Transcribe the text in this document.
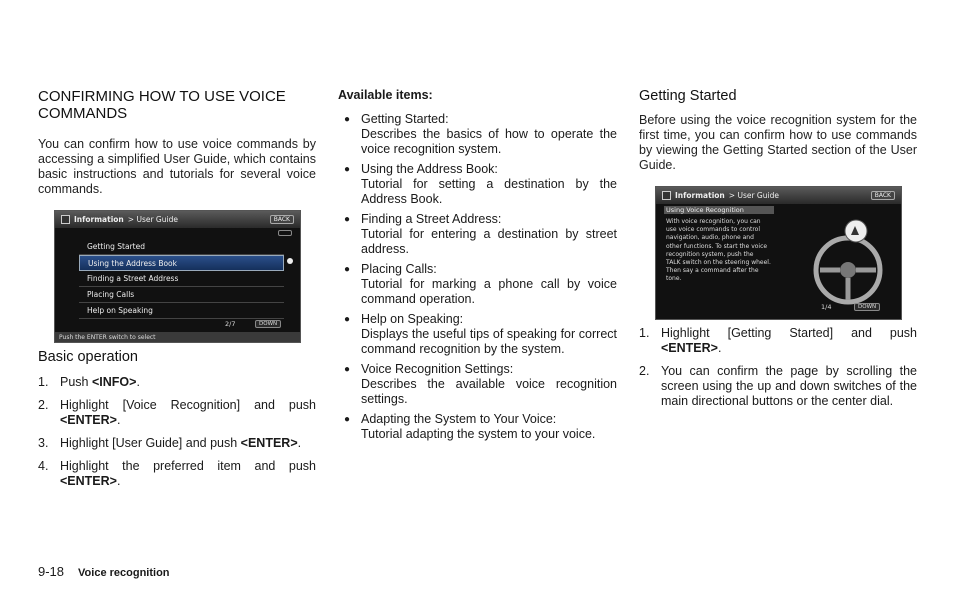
CONFIRMING HOW TO USE VOICE COMMANDS

You can confirm how to use voice commands by accessing a simplified User Guide, which contains basic instructions and tutorials for several voice commands.

Information > User Guide	BACK
Getting Started
Using the Address Book
Finding a Street Address
Placing Calls
Help on Speaking
2/7	DOWN
Push the ENTER switch to select
Basic operation
1. Push <INFO>.
2. Highlight [Voice Recognition] and push <ENTER>.
3. Highlight [User Guide] and push <ENTER>.
4. Highlight the preferred item and push <ENTER>.
Available items:
● Getting Started:
Describes the basics of how to operate the voice recognition system.
● Using the Address Book:
Tutorial for setting a destination by the Address Book.
● Finding a Street Address:
Tutorial for entering a destination by street address.
● Placing Calls:
Tutorial for marking a phone call by voice command operation.
● Help on Speaking:
Displays the useful tips of speaking for correct command recognition by the system.
● Voice Recognition Settings:
Describes the available voice recognition settings.
● Adapting the System to Your Voice:
Tutorial adapting the system to your voice.
Getting Started

Before using the voice recognition system for the first time, you can confirm how to use commands by viewing the Getting Started section of the User Guide.

Information > User Guide	BACK
Using Voice Recognition
With voice recognition, you can
use voice commands to control
navigation, audio, phone and
other functions. To start the voice
recognition system, push the
TALK switch on the steering wheel.
Then say a command after the
tone.
1/4	DOWN
1. Highlight [Getting Started] and push <ENTER>.
2. You can confirm the page by scrolling the screen using the up and down switches of the main directional buttons or the center dial.
9-18 Voice recognition
